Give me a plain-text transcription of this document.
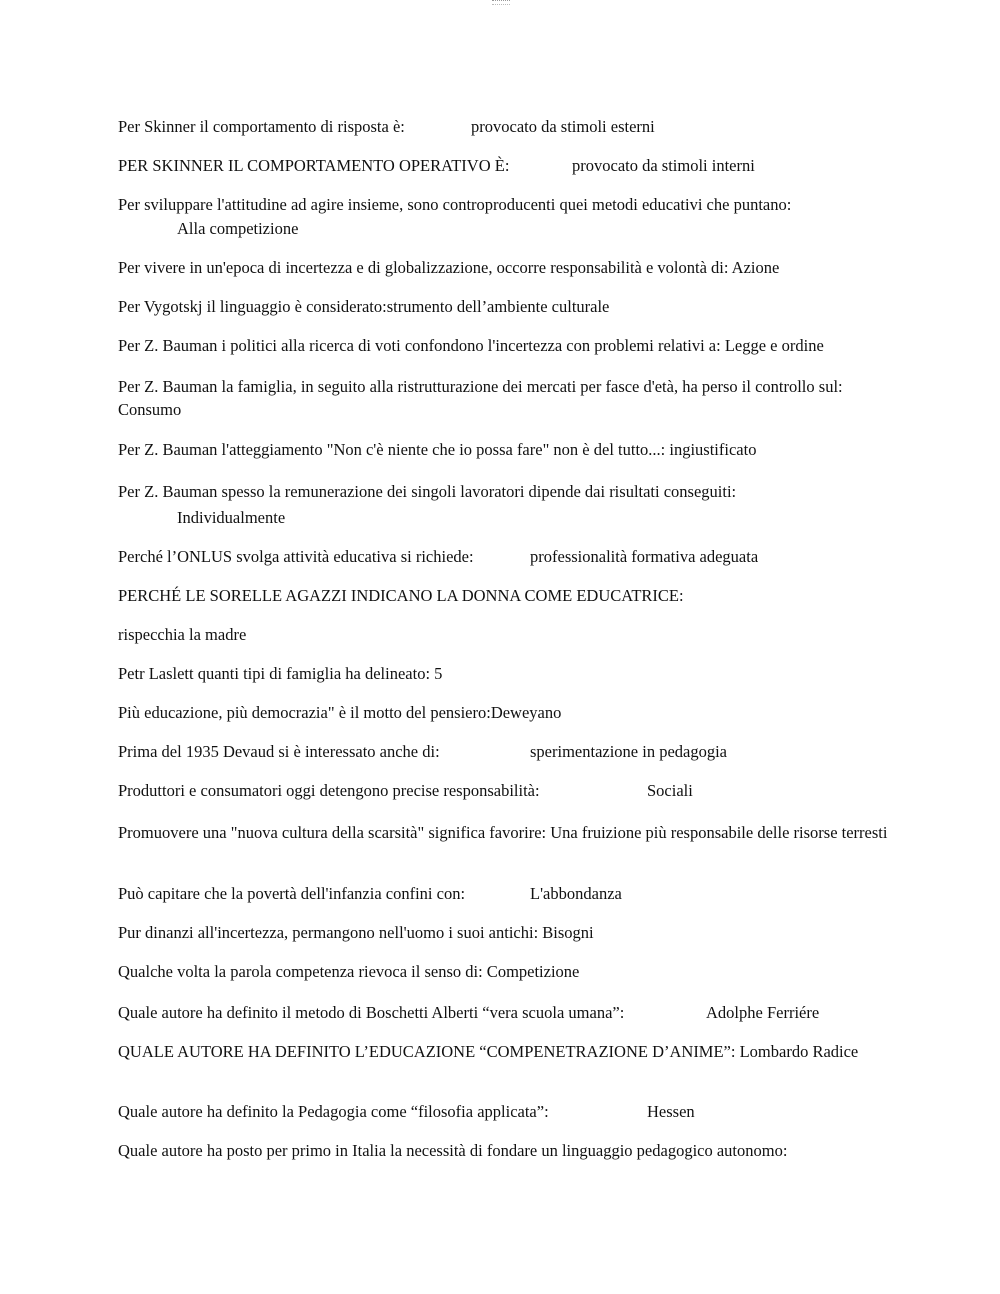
Per Skinner il comportamento di risposta è:	provocato da stimoli esterni
PER SKINNER IL COMPORTAMENTO OPERATIVO È:	provocato da stimoli interni
Per sviluppare l'attitudine ad agire insieme, sono controproducenti quei metodi educativi che puntano:
Alla competizione
Per vivere in un'epoca di incertezza e di globalizzazione, occorre responsabilità e volontà di: Azione
Per Vygotskj il linguaggio è considerato:strumento dell’ambiente culturale
Per Z. Bauman i politici alla ricerca di voti confondono l'incertezza con problemi relativi a: Legge e ordine
Per Z. Bauman la famiglia, in seguito alla ristrutturazione dei mercati per fasce d'età, ha perso il controllo sul:Consumo
Per Z. Bauman l'atteggiamento "Non c'è niente che io possa fare" non è del tutto...: ingiustificato
Per Z. Bauman spesso la remunerazione dei singoli lavoratori dipende dai risultati conseguiti:
Individualmente
Perché l’ONLUS svolga attività educativa si richiede:	professionalità formativa adeguata
PERCHÉ LE SORELLE AGAZZI INDICANO LA DONNA COME EDUCATRICE:
rispecchia la madre
Petr Laslett quanti tipi di famiglia ha delineato: 5
Più educazione, più democrazia" è il motto del pensiero:Deweyano
Prima del 1935 Devaud si è interessato anche di:	sperimentazione in pedagogia
Produttori e consumatori oggi detengono precise responsabilità:	Sociali
Promuovere una "nuova cultura della scarsità" significa favorire: Una fruizione più responsabile delle risorse terresti
Può capitare che la povertà dell'infanzia confini con:	L'abbondanza
Pur dinanzi all'incertezza, permangono nell'uomo i suoi antichi: Bisogni
Qualche volta la parola competenza rievoca il senso di: Competizione
Quale autore ha definito il metodo di Boschetti Alberti “vera scuola umana”:	Adolphe Ferriére
QUALE AUTORE HA DEFINITO L’EDUCAZIONE “COMPENETRAZIONE D’ANIME”: Lombardo Radice
Quale autore ha definito la Pedagogia come “filosofia applicata”:	Hessen
Quale autore ha posto per primo in Italia la necessità di fondare un linguaggio pedagogico autonomo:
